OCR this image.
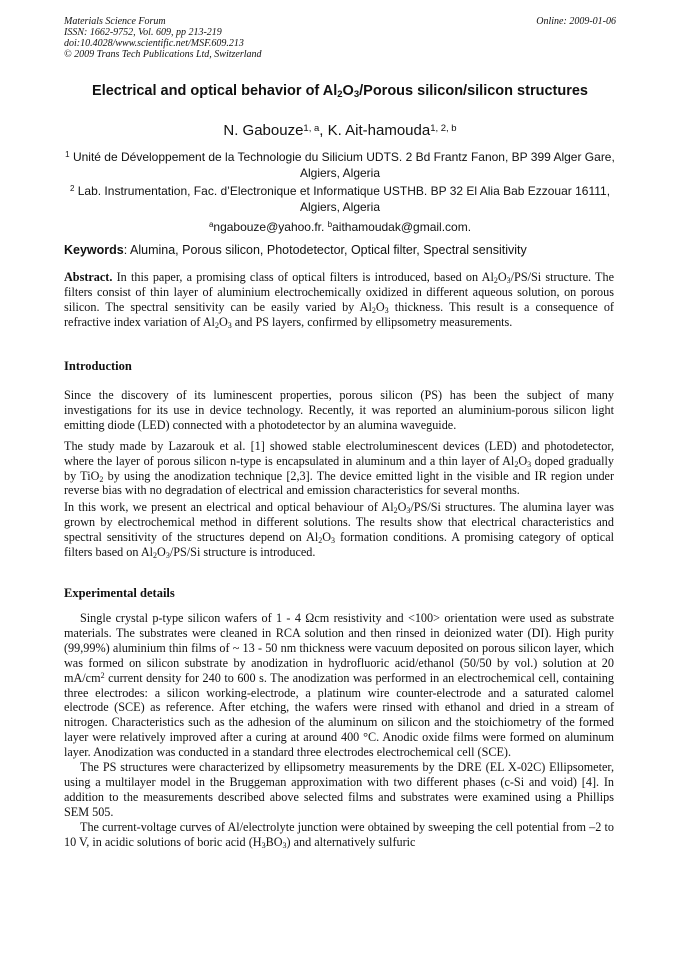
Materials Science Forum
ISSN: 1662-9752, Vol. 609, pp 213-219
doi:10.4028/www.scientific.net/MSF.609.213
© 2009 Trans Tech Publications Ltd, Switzerland
Online: 2009-01-06
Electrical and optical behavior of $Al_2O_3$/Porous silicon/silicon structures
N. Gabouze$^{1, a}$, K. Ait-hamouda$^{1, 2, b}$
$^1$ Unité de Développement de la Technologie du Silicium UDTS. 2 Bd Frantz Fanon, BP 399 Alger Gare, Algiers, Algeria
$^2$ Lab. Instrumentation, Fac. d’Electronique et Informatique USTHB. BP 32 El Alia Bab Ezzouar 16111, Algiers, Algeria
$^a$ngabouze@yahoo.fr. $^b$aithamoudak@gmail.com.
Keywords: Alumina, Porous silicon, Photodetector, Optical filter, Spectral sensitivity

Abstract. In this paper, a promising class of optical filters is introduced, based on $Al_2O_3/PS/Si$ structure. The filters consist of thin layer of aluminium electrochemically oxidized in different aqueous solution, on porous silicon. The spectral sensitivity can be easily varied by $Al_2O_3$ thickness. This result is a consequence of refractive index variation of $Al_2O_3$ and PS layers, confirmed by ellipsometry measurements.

Introduction

Since the discovery of its luminescent properties, porous silicon (PS) has been the subject of many investigations for its use in device technology. Recently, it was reported an aluminium-porous silicon light emitting diode (LED) connected with a photodetector by an alumina waveguide.

The study made by Lazarouk et al. [1] showed stable electroluminescent devices (LED) and photodetector, where the layer of porous silicon n-type is encapsulated in aluminum and a thin layer of $Al_2O_3$ doped gradually by TiO$_2$ by using the anodization technique [2,3]. The device emitted light in the visible and IR region under reverse bias with no degradation of electrical and emission characteristics for several months.

In this work, we present an electrical and optical behaviour of $Al_2O_3/PS/Si$ structures. The alumina layer was grown by electrochemical method in different solutions. The results show that electrical characteristics and spectral sensitivity of the structures depend on $Al_2O_3$ formation conditions. A promising category of optical filters based on $Al_2O_3/PS/Si$ structure is introduced.

Experimental details

Single crystal p-type silicon wafers of 1 - 4 Ωcm resistivity and <100> orientation were used as substrate materials. The substrates were cleaned in RCA solution and then rinsed in deionized water (DI). High purity (99,99%) aluminium thin films of ~ 13 - 50 nm thickness were vacuum deposited on porous silicon layer, which was formed on silicon substrate by anodization in hydrofluoric acid/ethanol (50/50 by vol.) solution at 20 $mA/cm^2$ current density for 240 to 600 s. The anodization was performed in an electrochemical cell, containing three electrodes: a silicon working-electrode, a platinum wire counter-electrode and a saturated calomel electrode (SCE) as reference. After etching, the wafers were rinsed with ethanol and dried in a stream of nitrogen. Characteristics such as the adhesion of the aluminum on silicon and the stoichiometry of the formed layer were relatively improved after a curing at around 400 °C. Anodic oxide films were formed on aluminum layer. Anodization was conducted in a standard three electrodes electrochemical cell (SCE).

The PS structures were characterized by ellipsometry measurements by the DRE (EL X-02C) Ellipsometer, using a multilayer model in the Bruggeman approximation with two different phases (c-Si and void) [4]. In addition to the measurements described above selected films and substrates were examined using a Phillips SEM 505.

The current-voltage curves of Al/electrolyte junction were obtained by sweeping the cell potential from –2 to 10 V, in acidic solutions of boric acid $(H_3BO_3)$ and alternatively sulfuric
